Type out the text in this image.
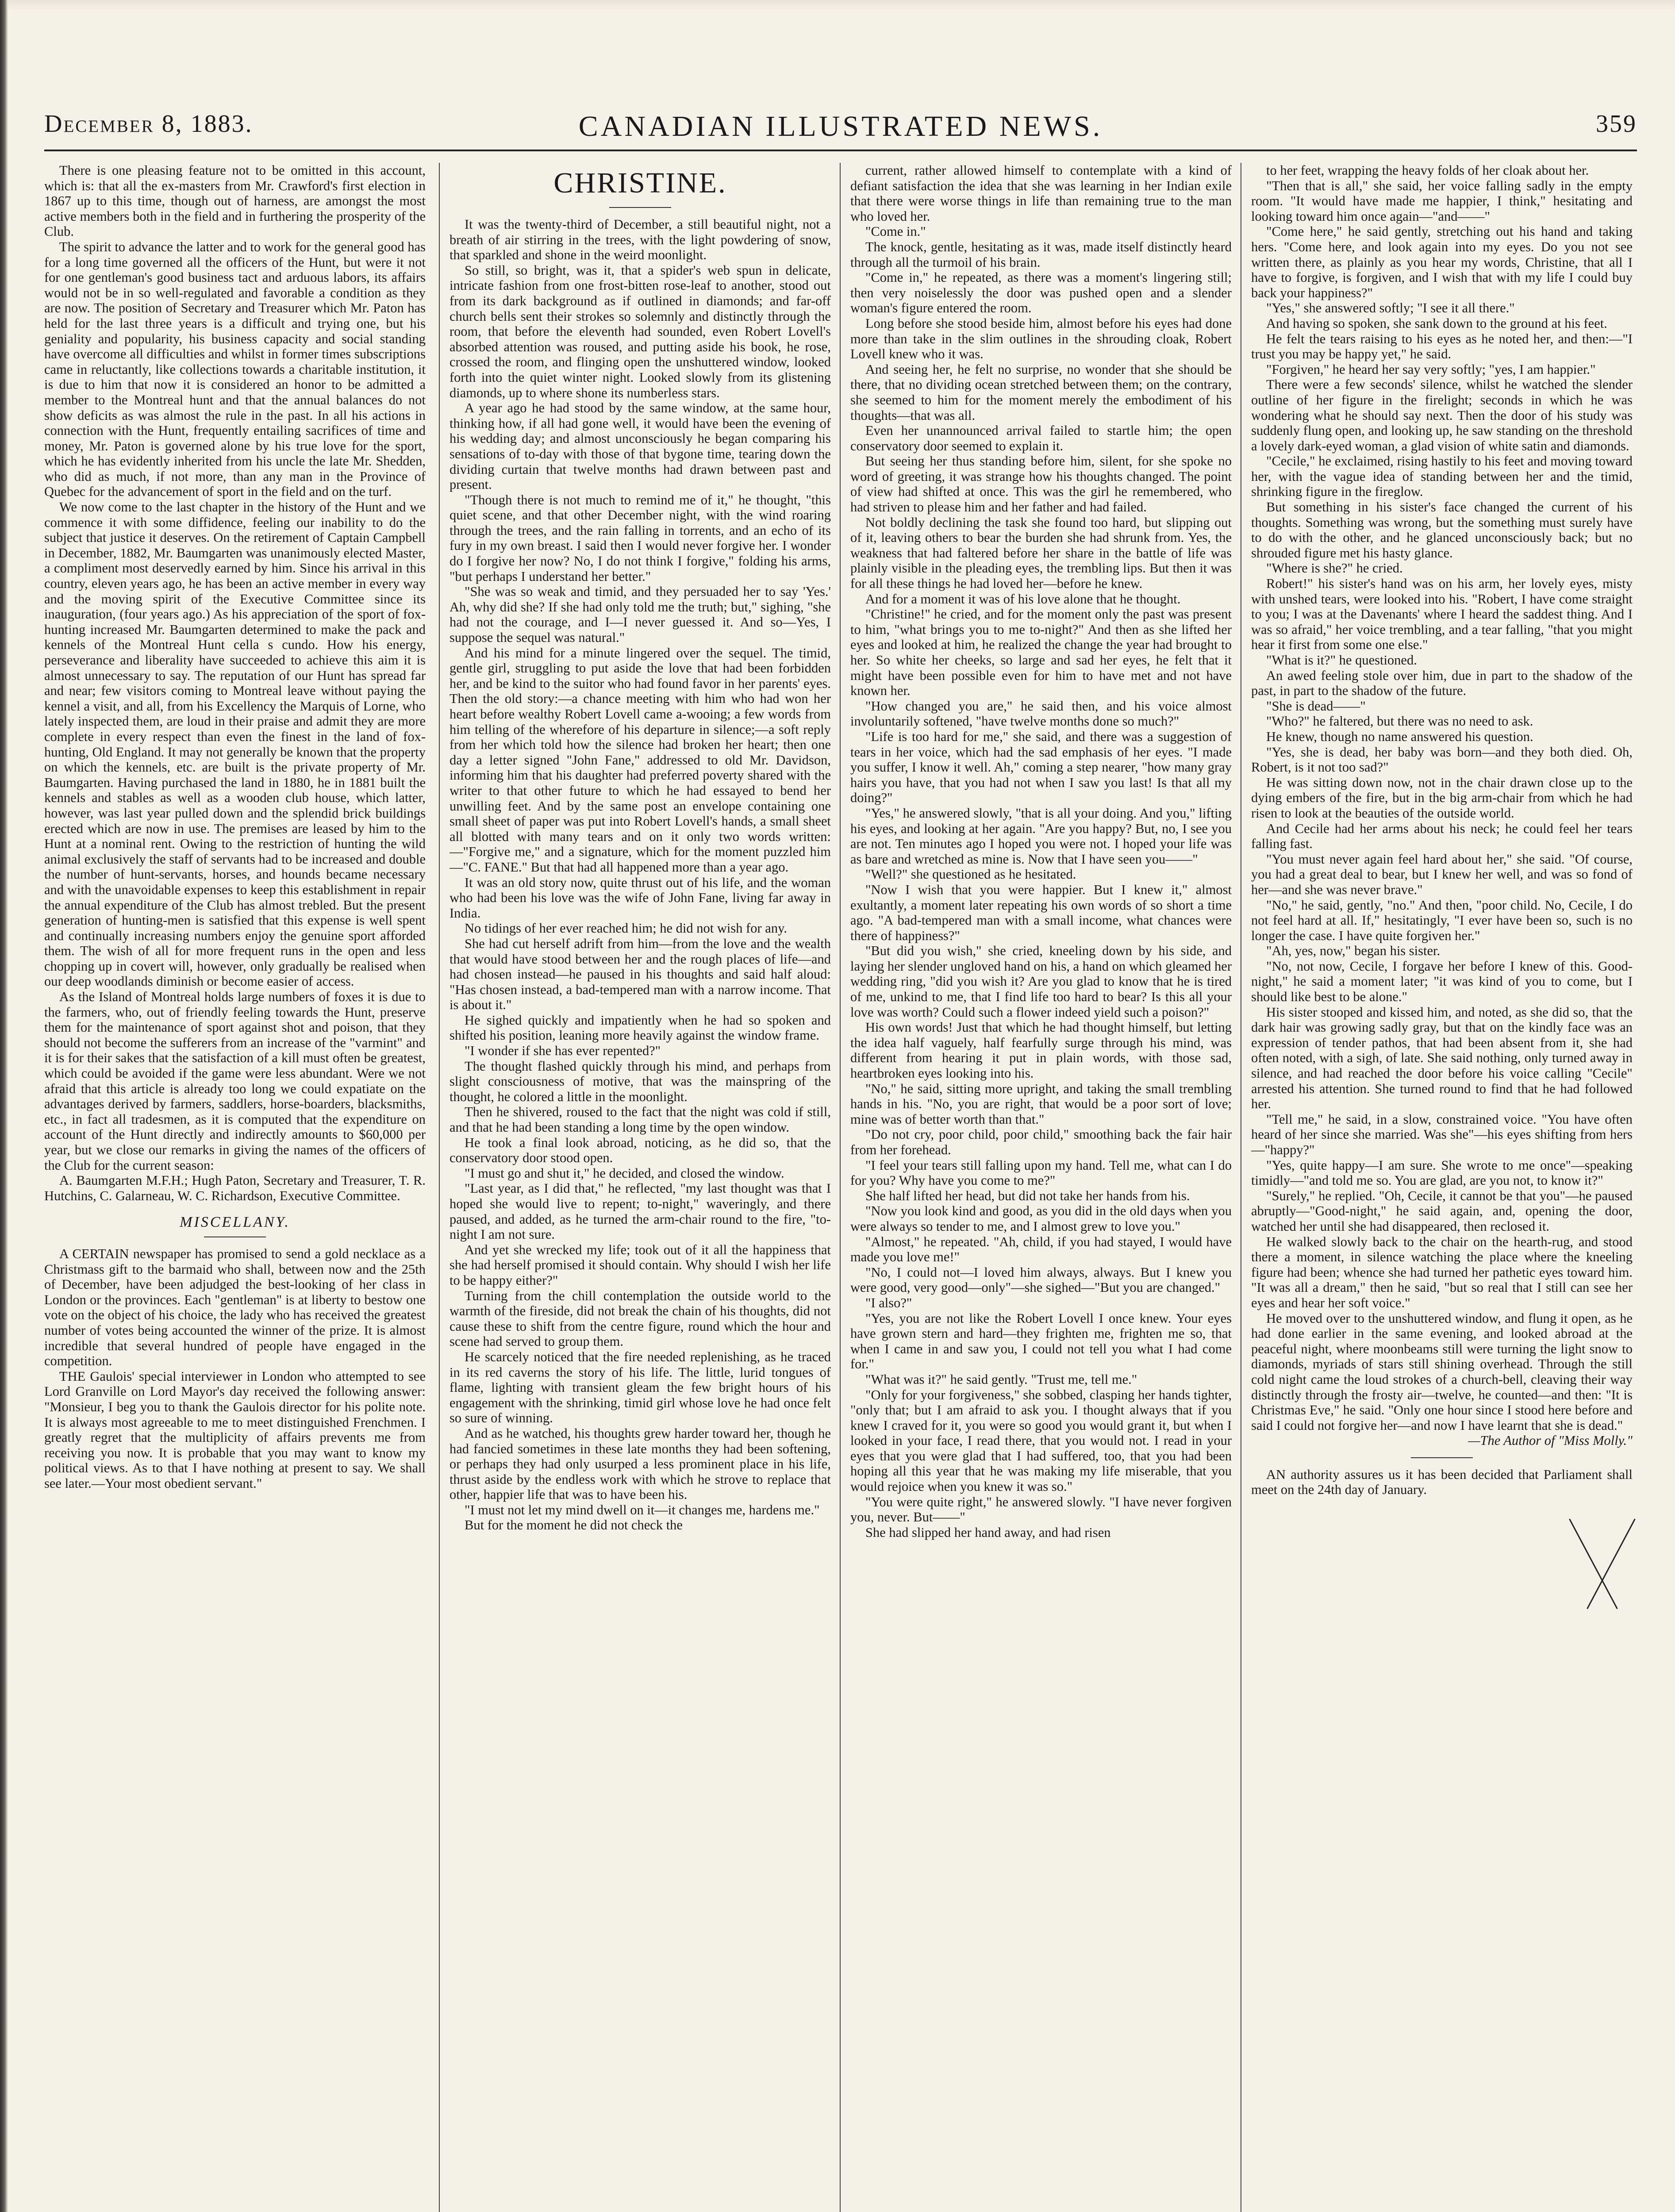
December 8, 1883.	CANADIAN ILLUSTRATED NEWS.	359

There is one pleasing feature not to be omitted in this account, which is: that all the ex-masters from Mr. Crawford's first election in 1867 up to this time, though out of harness, are amongst the most active members both in the field and in furthering the prosperity of the Club.

The spirit to advance the latter and to work for the general good has for a long time governed all the officers of the Hunt, but were it not for one gentleman's good business tact and arduous labors, its affairs would not be in so well-regulated and favorable a condition as they are now. The position of Secretary and Treasurer which Mr. Paton has held for the last three years is a difficult and trying one, but his geniality and popularity, his business capacity and social standing have overcome all difficulties and whilst in former times subscriptions came in reluctantly, like collections towards a charitable institution, it is due to him that now it is considered an honor to be admitted a member to the Montreal hunt and that the annual balances do not show deficits as was almost the rule in the past. In all his actions in connection with the Hunt, frequently entailing sacrifices of time and money, Mr. Paton is governed alone by his true love for the sport, which he has evidently inherited from his uncle the late Mr. Shedden, who did as much, if not more, than any man in the Province of Quebec for the advancement of sport in the field and on the turf.

We now come to the last chapter in the history of the Hunt and we commence it with some diffidence, feeling our inability to do the subject that justice it deserves. On the retirement of Captain Campbell in December, 1882, Mr. Baumgarten was unanimously elected Master, a compliment most deservedly earned by him. Since his arrival in this country, eleven years ago, he has been an active member in every way and the moving spirit of the Executive Committee since its inauguration, (four years ago.) As his appreciation of the sport of fox-hunting increased Mr. Baumgarten determined to make the pack and kennels of the Montreal Hunt cella s cundo. How his energy, perseverance and liberality have succeeded to achieve this aim it is almost unnecessary to say. The reputation of our Hunt has spread far and near; few visitors coming to Montreal leave without paying the kennel a visit, and all, from his Excellency the Marquis of Lorne, who lately inspected them, are loud in their praise and admit they are more complete in every respect than even the finest in the land of fox-hunting, Old England. It may not generally be known that the property on which the kennels, etc. are built is the private property of Mr. Baumgarten. Having purchased the land in 1880, he in 1881 built the kennels and stables as well as a wooden club house, which latter, however, was last year pulled down and the splendid brick buildings erected which are now in use. The premises are leased by him to the Hunt at a nominal rent. Owing to the restriction of hunting the wild animal exclusively the staff of servants had to be increased and double the number of hunt-servants, horses, and hounds became necessary and with the unavoidable expenses to keep this establishment in repair the annual expenditure of the Club has almost trebled. But the present generation of hunting-men is satisfied that this expense is well spent and continually increasing numbers enjoy the genuine sport afforded them. The wish of all for more frequent runs in the open and less chopping up in covert will, however, only gradually be realised when our deep woodlands diminish or become easier of access.

As the Island of Montreal holds large numbers of foxes it is due to the farmers, who, out of friendly feeling towards the Hunt, preserve them for the maintenance of sport against shot and poison, that they should not become the sufferers from an increase of the "varmint" and it is for their sakes that the satisfaction of a kill must often be greatest, which could be avoided if the game were less abundant. Were we not afraid that this article is already too long we could expatiate on the advantages derived by farmers, saddlers, horse-boarders, blacksmiths, etc., in fact all tradesmen, as it is computed that the expenditure on account of the Hunt directly and indirectly amounts to $60,000 per year, but we close our remarks in giving the names of the officers of the Club for the current season:

A. Baumgarten M.F.H.; Hugh Paton, Secretary and Treasurer, T. R. Hutchins, C. Galarneau, W. C. Richardson, Executive Committee.

MISCELLANY.

A CERTAIN newspaper has promised to send a gold necklace as a Christmass gift to the barmaid who shall, between now and the 25th of December, have been adjudged the best-looking of her class in London or the provinces. Each "gentleman" is at liberty to bestow one vote on the object of his choice, the lady who has received the greatest number of votes being accounted the winner of the prize. It is almost incredible that several hundred of people have engaged in the competition.

THE Gaulois' special interviewer in London who attempted to see Lord Granville on Lord Mayor's day received the following answer: "Monsieur, I beg you to thank the Gaulois director for his polite note. It is always most agreeable to me to meet distinguished Frenchmen. I greatly regret that the multiplicity of affairs prevents me from receiving you now. It is probable that you may want to know my political views. As to that I have nothing at present to say. We shall see later.—Your most obedient servant."

CHRISTINE.

It was the twenty-third of December, a still beautiful night, not a breath of air stirring in the trees, with the light powdering of snow, that sparkled and shone in the weird moonlight.

So still, so bright, was it, that a spider's web spun in delicate, intricate fashion from one frost-bitten rose-leaf to another, stood out from its dark background as if outlined in diamonds; and far-off church bells sent their strokes so solemnly and distinctly through the room, that before the eleventh had sounded, even Robert Lovell's absorbed attention was roused, and putting aside his book, he rose, crossed the room, and flinging open the unshuttered window, looked forth into the quiet winter night. Looked slowly from its glistening diamonds, up to where shone its numberless stars.

A year ago he had stood by the same window, at the same hour, thinking how, if all had gone well, it would have been the evening of his wedding day; and almost unconsciously he began comparing his sensations of to-day with those of that bygone time, tearing down the dividing curtain that twelve months had drawn between past and present.

"Though there is not much to remind me of it," he thought, "this quiet scene, and that other December night, with the wind roaring through the trees, and the rain falling in torrents, and an echo of its fury in my own breast. I said then I would never forgive her. I wonder do I forgive her now? No, I do not think I forgive," folding his arms, "but perhaps I understand her better."

"She was so weak and timid, and they persuaded her to say 'Yes.' Ah, why did she? If she had only told me the truth; but," sighing, "she had not the courage, and I—I never guessed it. And so—Yes, I suppose the sequel was natural."

And his mind for a minute lingered over the sequel. The timid, gentle girl, struggling to put aside the love that had been forbidden her, and be kind to the suitor who had found favor in her parents' eyes. Then the old story:—a chance meeting with him who had won her heart before wealthy Robert Lovell came a-wooing; a few words from him telling of the wherefore of his departure in silence;—a soft reply from her which told how the silence had broken her heart; then one day a letter signed "John Fane," addressed to old Mr. Davidson, informing him that his daughter had preferred poverty shared with the writer to that other future to which he had essayed to bend her unwilling feet. And by the same post an envelope containing one small sheet of paper was put into Robert Lovell's hands, a small sheet all blotted with many tears and on it only two words written:—"Forgive me," and a signature, which for the moment puzzled him—"C. FANE." But that had all happened more than a year ago.

It was an old story now, quite thrust out of his life, and the woman who had been his love was the wife of John Fane, living far away in India.

No tidings of her ever reached him; he did not wish for any.

She had cut herself adrift from him—from the love and the wealth that would have stood between her and the rough places of life—and had chosen instead—he paused in his thoughts and said half aloud: "Has chosen instead, a bad-tempered man with a narrow income. That is about it."

He sighed quickly and impatiently when he had so spoken and shifted his position, leaning more heavily against the window frame.

"I wonder if she has ever repented?"

The thought flashed quickly through his mind, and perhaps from slight consciousness of motive, that was the mainspring of the thought, he colored a little in the moonlight.

Then he shivered, roused to the fact that the night was cold if still, and that he had been standing a long time by the open window.

He took a final look abroad, noticing, as he did so, that the conservatory door stood open.

"I must go and shut it," he decided, and closed the window.

"Last year, as I did that," he reflected, "my last thought was that I hoped she would live to repent; to-night," waveringly, and there paused, and added, as he turned the arm-chair round to the fire, "to-night I am not sure.

And yet she wrecked my life; took out of it all the happiness that she had herself promised it should contain. Why should I wish her life to be happy either?"

Turning from the chill contemplation the outside world to the warmth of the fireside, did not break the chain of his thoughts, did not cause these to shift from the centre figure, round which the hour and scene had served to group them.

He scarcely noticed that the fire needed replenishing, as he traced in its red caverns the story of his life. The little, lurid tongues of flame, lighting with transient gleam the few bright hours of his engagement with the shrinking, timid girl whose love he had once felt so sure of winning.

And as he watched, his thoughts grew harder toward her, though he had fancied sometimes in these late months they had been softening, or perhaps they had only usurped a less prominent place in his life, thrust aside by the endless work with which he strove to replace that other, happier life that was to have been his.

"I must not let my mind dwell on it—it changes me, hardens me."

But for the moment he did not check the

current, rather allowed himself to contemplate with a kind of defiant satisfaction the idea that she was learning in her Indian exile that there were worse things in life than remaining true to the man who loved her.

"Come in."

The knock, gentle, hesitating as it was, made itself distinctly heard through all the turmoil of his brain.

"Come in," he repeated, as there was a moment's lingering still; then very noiselessly the door was pushed open and a slender woman's figure entered the room.

Long before she stood beside him, almost before his eyes had done more than take in the slim outlines in the shrouding cloak, Robert Lovell knew who it was.

And seeing her, he felt no surprise, no wonder that she should be there, that no dividing ocean stretched between them; on the contrary, she seemed to him for the moment merely the embodiment of his thoughts—that was all.

Even her unannounced arrival failed to startle him; the open conservatory door seemed to explain it.

But seeing her thus standing before him, silent, for she spoke no word of greeting, it was strange how his thoughts changed. The point of view had shifted at once. This was the girl he remembered, who had striven to please him and her father and had failed.

Not boldly declining the task she found too hard, but slipping out of it, leaving others to bear the burden she had shrunk from. Yes, the weakness that had faltered before her share in the battle of life was plainly visible in the pleading eyes, the trembling lips. But then it was for all these things he had loved her—before he knew.

And for a moment it was of his love alone that he thought.

"Christine!" he cried, and for the moment only the past was present to him, "what brings you to me to-night?" And then as she lifted her eyes and looked at him, he realized the change the year had brought to her. So white her cheeks, so large and sad her eyes, he felt that it might have been possible even for him to have met and not have known her.

"How changed you are," he said then, and his voice almost involuntarily softened, "have twelve months done so much?"

"Life is too hard for me," she said, and there was a suggestion of tears in her voice, which had the sad emphasis of her eyes. "I made you suffer, I know it well. Ah," coming a step nearer, "how many gray hairs you have, that you had not when I saw you last! Is that all my doing?"

"Yes," he answered slowly, "that is all your doing. And you," lifting his eyes, and looking at her again. "Are you happy? But, no, I see you are not. Ten minutes ago I hoped you were not. I hoped your life was as bare and wretched as mine is. Now that I have seen you——"

"Well?" she questioned as he hesitated.

"Now I wish that you were happier. But I knew it," almost exultantly, a moment later repeating his own words of so short a time ago. "A bad-tempered man with a small income, what chances were there of happiness?"

"But did you wish," she cried, kneeling down by his side, and laying her slender ungloved hand on his, a hand on which gleamed her wedding ring, "did you wish it? Are you glad to know that he is tired of me, unkind to me, that I find life too hard to bear? Is this all your love was worth? Could such a flower indeed yield such a poison?"

His own words! Just that which he had thought himself, but letting the idea half vaguely, half fearfully surge through his mind, was different from hearing it put in plain words, with those sad, heartbroken eyes looking into his.

"No," he said, sitting more upright, and taking the small trembling hands in his. "No, you are right, that would be a poor sort of love; mine was of better worth than that."

"Do not cry, poor child, poor child," smoothing back the fair hair from her forehead.

"I feel your tears still falling upon my hand. Tell me, what can I do for you? Why have you come to me?"

She half lifted her head, but did not take her hands from his.

"Now you look kind and good, as you did in the old days when you were always so tender to me, and I almost grew to love you."

"Almost," he repeated. "Ah, child, if you had stayed, I would have made you love me!"

"No, I could not—I loved him always, always. But I knew you were good, very good—only"—she sighed—"But you are changed."

"I also?"

"Yes, you are not like the Robert Lovell I once knew. Your eyes have grown stern and hard—they frighten me, frighten me so, that when I came in and saw you, I could not tell you what I had come for."

"What was it?" he said gently. "Trust me, tell me."

"Only for your forgiveness," she sobbed, clasping her hands tighter, "only that; but I am afraid to ask you. I thought always that if you knew I craved for it, you were so good you would grant it, but when I looked in your face, I read there, that you would not. I read in your eyes that you were glad that I had suffered, too, that you had been hoping all this year that he was making my life miserable, that you would rejoice when you knew it was so."

"You were quite right," he answered slowly. "I have never forgiven you, never. But——"

She had slipped her hand away, and had risen

to her feet, wrapping the heavy folds of her cloak about her.

"Then that is all," she said, her voice falling sadly in the empty room. "It would have made me happier, I think," hesitating and looking toward him once again—"and——"

"Come here," he said gently, stretching out his hand and taking hers. "Come here, and look again into my eyes. Do you not see written there, as plainly as you hear my words, Christine, that all I have to forgive, is forgiven, and I wish that with my life I could buy back your happiness?"

"Yes," she answered softly; "I see it all there."

And having so spoken, she sank down to the ground at his feet.

He felt the tears raising to his eyes as he noted her, and then:—"I trust you may be happy yet," he said.

"Forgiven," he heard her say very softly; "yes, I am happier."

There were a few seconds' silence, whilst he watched the slender outline of her figure in the firelight; seconds in which he was wondering what he should say next. Then the door of his study was suddenly flung open, and looking up, he saw standing on the threshold a lovely dark-eyed woman, a glad vision of white satin and diamonds.

"Cecile," he exclaimed, rising hastily to his feet and moving toward her, with the vague idea of standing between her and the timid, shrinking figure in the fireglow.

But something in his sister's face changed the current of his thoughts. Something was wrong, but the something must surely have to do with the other, and he glanced unconsciously back; but no shrouded figure met his hasty glance.

"Where is she?" he cried.

Robert!" his sister's hand was on his arm, her lovely eyes, misty with unshed tears, were looked into his. "Robert, I have come straight to you; I was at the Davenants' where I heard the saddest thing. And I was so afraid," her voice trembling, and a tear falling, "that you might hear it first from some one else."

"What is it?" he questioned.

An awed feeling stole over him, due in part to the shadow of the past, in part to the shadow of the future.

"She is dead——"

"Who?" he faltered, but there was no need to ask.

He knew, though no name answered his question.

"Yes, she is dead, her baby was born—and they both died. Oh, Robert, is it not too sad?"

He was sitting down now, not in the chair drawn close up to the dying embers of the fire, but in the big arm-chair from which he had risen to look at the beauties of the outside world.

And Cecile had her arms about his neck; he could feel her tears falling fast.

"You must never again feel hard about her," she said. "Of course, you had a great deal to bear, but I knew her well, and was so fond of her—and she was never brave."

"No," he said, gently, "no." And then, "poor child. No, Cecile, I do not feel hard at all. If," hesitatingly, "I ever have been so, such is no longer the case. I have quite forgiven her."

"Ah, yes, now," began his sister.

"No, not now, Cecile, I forgave her before I knew of this. Good-night," he said a moment later; "it was kind of you to come, but I should like best to be alone."

His sister stooped and kissed him, and noted, as she did so, that the dark hair was growing sadly gray, but that on the kindly face was an expression of tender pathos, that had been absent from it, she had often noted, with a sigh, of late. She said nothing, only turned away in silence, and had reached the door before his voice calling "Cecile" arrested his attention. She turned round to find that he had followed her.

"Tell me," he said, in a slow, constrained voice. "You have often heard of her since she married. Was she"—his eyes shifting from hers—"happy?"

"Yes, quite happy—I am sure. She wrote to me once"—speaking timidly—"and told me so. You are glad, are you not, to know it?"

"Surely," he replied. "Oh, Cecile, it cannot be that you"—he paused abruptly—"Good-night," he said again, and, opening the door, watched her until she had disappeared, then reclosed it.

He walked slowly back to the chair on the hearth-rug, and stood there a moment, in silence watching the place where the kneeling figure had been; whence she had turned her pathetic eyes toward him. "It was all a dream," then he said, "but so real that I still can see her eyes and hear her soft voice."

He moved over to the unshuttered window, and flung it open, as he had done earlier in the same evening, and looked abroad at the peaceful night, where moonbeams still were turning the light snow to diamonds, myriads of stars still shining overhead. Through the still cold night came the loud strokes of a church-bell, cleaving their way distinctly through the frosty air—twelve, he counted—and then: "It is Christmas Eve," he said. "Only one hour since I stood here before and said I could not forgive her—and now I have learnt that she is dead."

—The Author of "Miss Molly."

AN authority assures us it has been decided that Parliament shall meet on the 24th day of January.
